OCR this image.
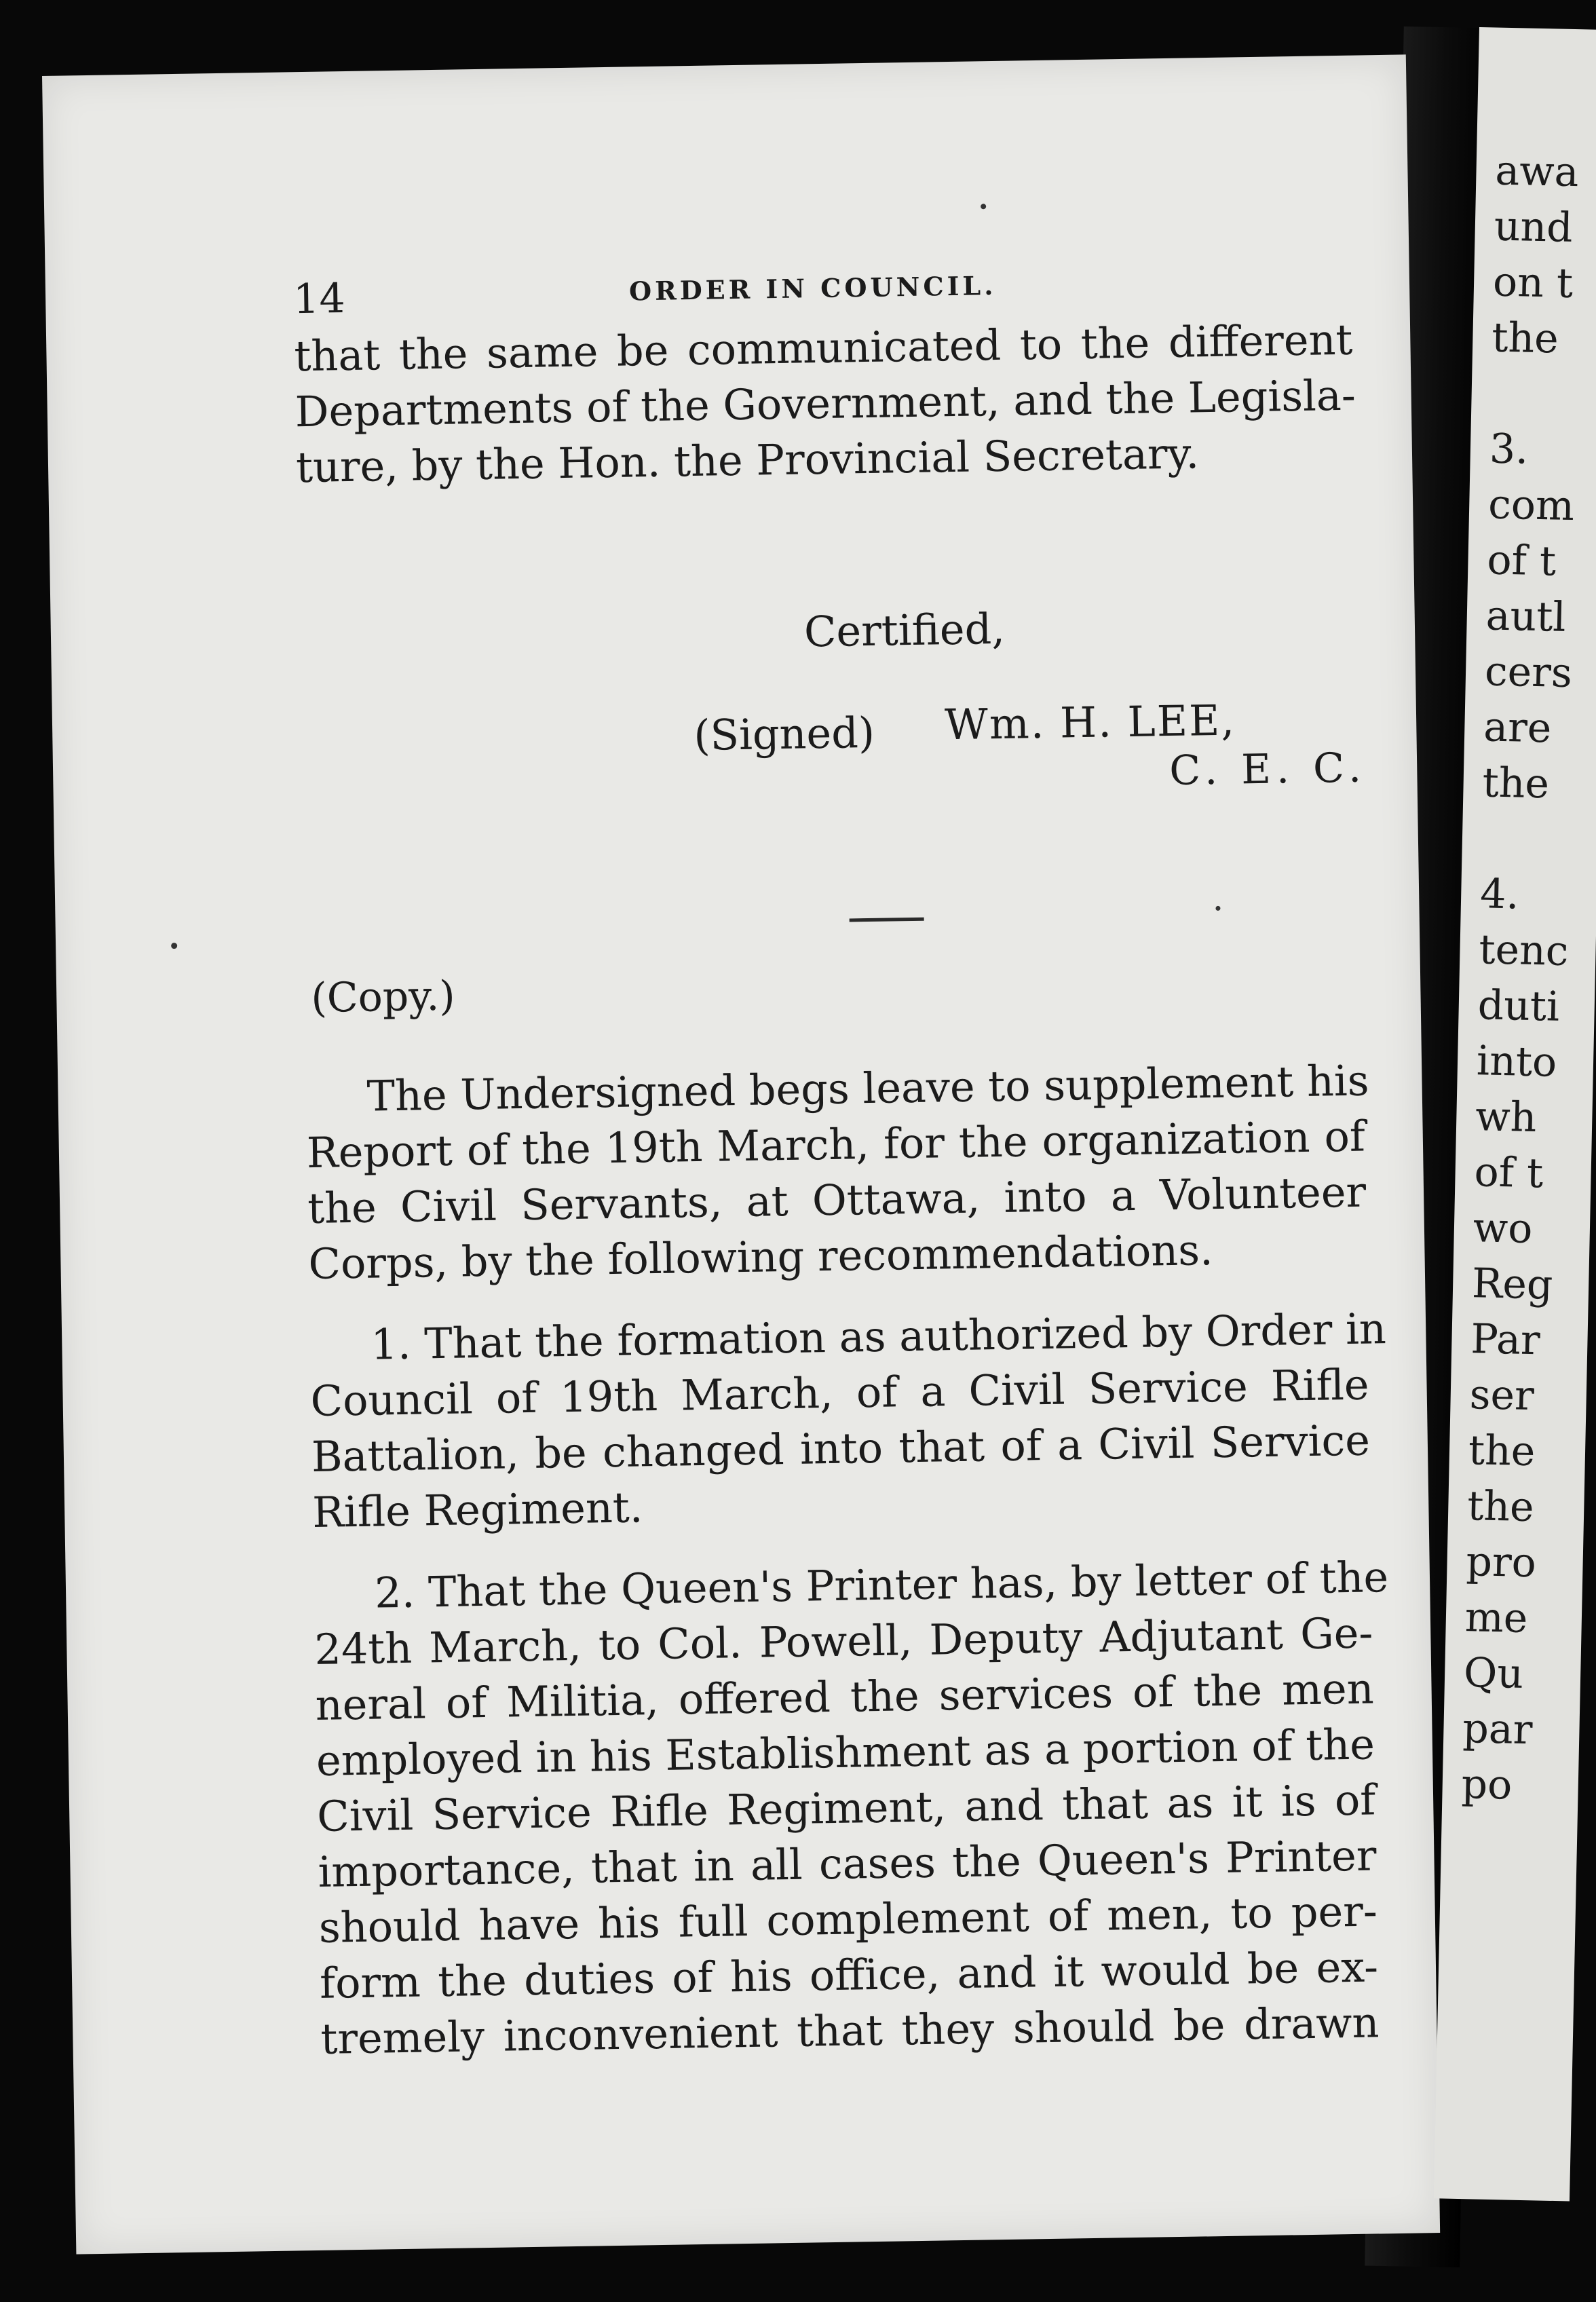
14	ORDER IN COUNCIL.

that the same be communicated to the different
Departments of the Government, and the Legisla-
ture, by the Hon. the Provincial Secretary.

Certified,
(Signed) Wm. H. LEE,
C. E. C.
(Copy.)

The Undersigned begs leave to supplement his
Report of the 19th March, for the organization of
the Civil Servants, at Ottawa, into a Volunteer
Corps, by the following recommendations.

1. That the formation as authorized by Order in
Council of 19th March, of a Civil Service Rifle
Battalion, be changed into that of a Civil Service
Rifle Regiment.

2. That the Queen's Printer has, by letter of the
24th March, to Col. Powell, Deputy Adjutant Ge-
neral of Militia, offered the services of the men
employed in his Establishment as a portion of the
Civil Service Rifle Regiment, and that as it is of
importance, that in all cases the Queen's Printer
should have his full complement of men, to per-
form the duties of his office, and it would be ex-
tremely inconvenient that they should be drawn

awa
und
on t
the
3.
com
of t
autl
cers
are
the
4.
tenc
duti
into
wh
of t
wo
Reg
Par
ser
the
the
pro
me
Qu
par
po
